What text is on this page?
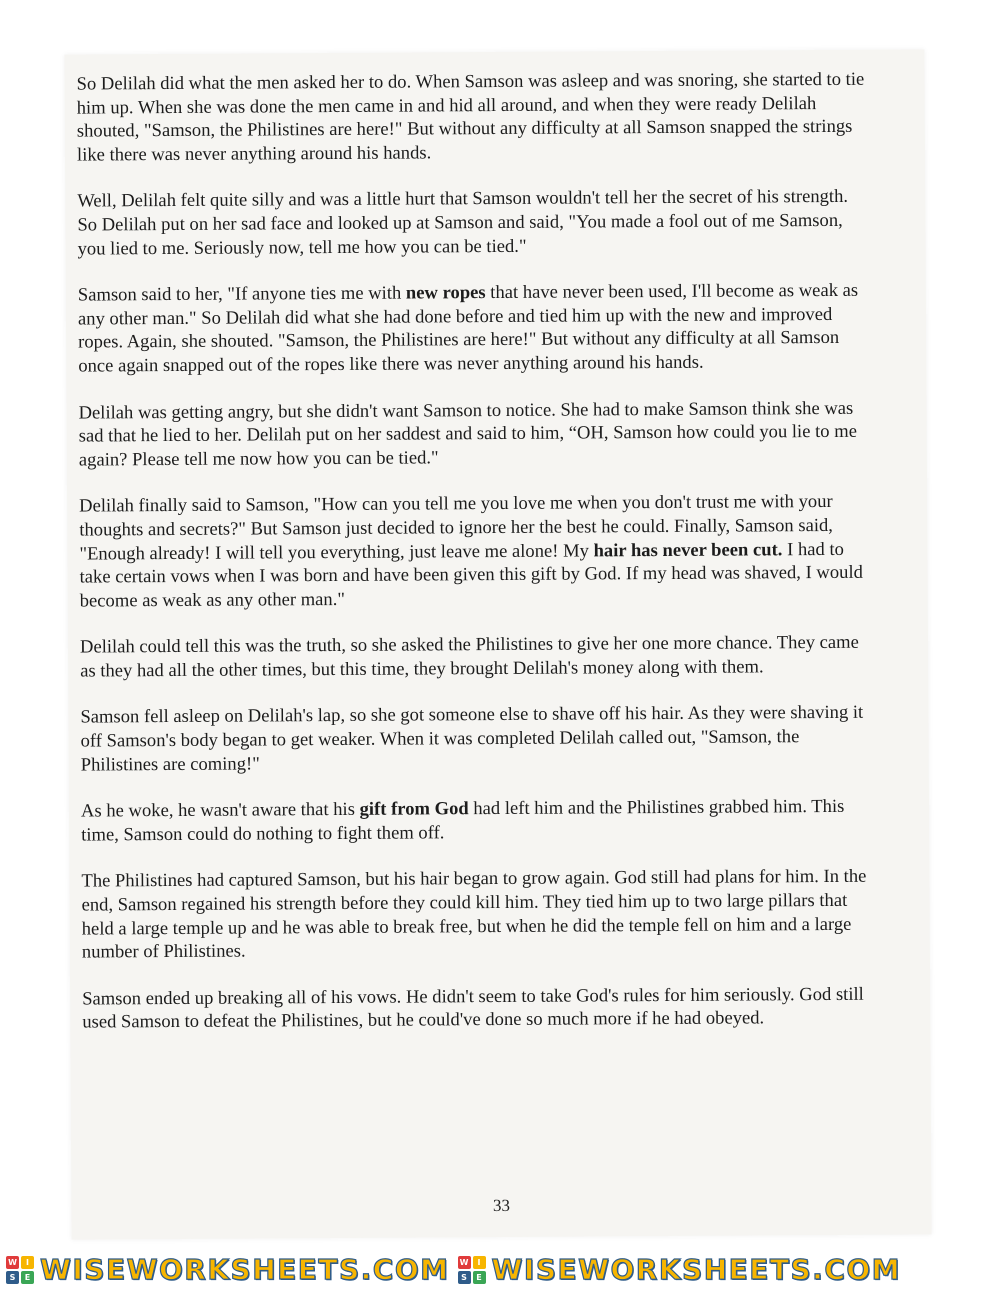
So Delilah did what the men asked her to do. When Samson was asleep and was snoring, she started to tie him up. When she was done the men came in and hid all around, and when they were ready Delilah shouted, "Samson, the Philistines are here!" But without any difficulty at all Samson snapped the strings like there was never anything around his hands.

Well, Delilah felt quite silly and was a little hurt that Samson wouldn't tell her the secret of his strength. So Delilah put on her sad face and looked up at Samson and said, "You made a fool out of me Samson, you lied to me. Seriously now, tell me how you can be tied."

Samson said to her, "If anyone ties me with new ropes that have never been used, I'll become as weak as any other man." So Delilah did what she had done before and tied him up with the new and improved ropes. Again, she shouted. "Samson, the Philistines are here!" But without any difficulty at all Samson once again snapped out of the ropes like there was never anything around his hands.

Delilah was getting angry, but she didn't want Samson to notice. She had to make Samson think she was sad that he lied to her. Delilah put on her saddest and said to him, “OH, Samson how could you lie to me again? Please tell me now how you can be tied."

Delilah finally said to Samson, "How can you tell me you love me when you don't trust me with your thoughts and secrets?" But Samson just decided to ignore her the best he could. Finally, Samson said, "Enough already! I will tell you everything, just leave me alone! My hair has never been cut. I had to take certain vows when I was born and have been given this gift by God. If my head was shaved, I would become as weak as any other man."

Delilah could tell this was the truth, so she asked the Philistines to give her one more chance. They came as they had all the other times, but this time, they brought Delilah's money along with them.

Samson fell asleep on Delilah's lap, so she got someone else to shave off his hair. As they were shaving it off Samson's body began to get weaker. When it was completed Delilah called out, "Samson, the Philistines are coming!"

As he woke, he wasn't aware that his gift from God had left him and the Philistines grabbed him. This time, Samson could do nothing to fight them off.

The Philistines had captured Samson, but his hair began to grow again. God still had plans for him. In the end, Samson regained his strength before they could kill him. They tied him up to two large pillars that held a large temple up and he was able to break free, but when he did the temple fell on him and a large number of Philistines.

Samson ended up breaking all of his vows. He didn't seem to take God's rules for him seriously. God still used Samson to defeat the Philistines, but he could've done so much more if he had obeyed.

33
W	I
S	E WISEWORKSHEETS.COM W	I
S	E WISEWORKSHEETS.COM
